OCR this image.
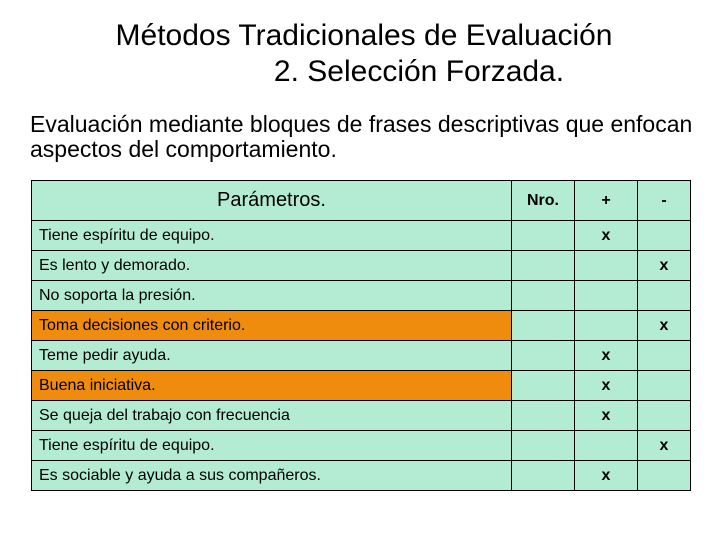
Métodos Tradicionales de Evaluación
2. Selección Forzada.
Evaluación mediante bloques de frases descriptivas que enfocan aspectos del comportamiento.
Parámetros.	Nro.	+	-
Tiene espíritu de equipo.		x	
Es lento y demorado.			x
No soporta la presión.			
Toma decisiones con criterio.			x
Teme pedir ayuda.		x	
Buena iniciativa.		x	
Se queja del trabajo con frecuencia		x	
Tiene espíritu de equipo.			x
Es sociable y ayuda a sus compañeros.		x	
